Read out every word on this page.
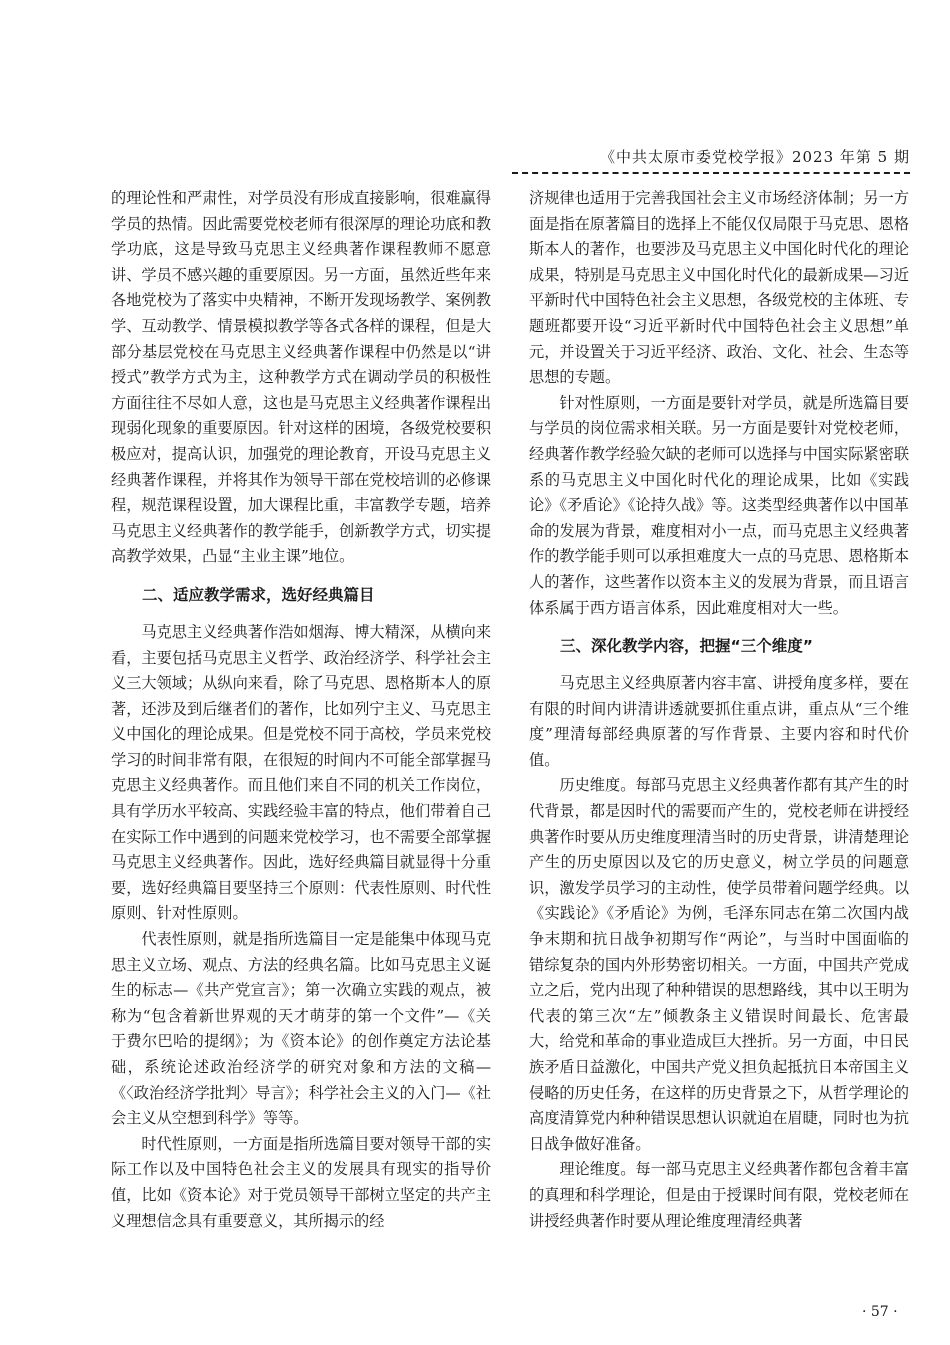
《中共太原市委党校学报》2023 年第 5 期

的理论性和严肃性，对学员没有形成直接影响，很难赢得学员的热情。因此需要党校老师有很深厚的理论功底和教学功底，这是导致马克思主义经典著作课程教师不愿意讲、学员不感兴趣的重要原因。另一方面，虽然近些年来各地党校为了落实中央精神，不断开发现场教学、案例教学、互动教学、情景模拟教学等各式各样的课程，但是大部分基层党校在马克思主义经典著作课程中仍然是以“讲授式”教学方式为主，这种教学方式在调动学员的积极性方面往往不尽如人意，这也是马克思主义经典著作课程出现弱化现象的重要原因。针对这样的困境，各级党校要积极应对，提高认识，加强党的理论教育，开设马克思主义经典著作课程，并将其作为领导干部在党校培训的必修课程，规范课程设置，加大课程比重，丰富教学专题，培养马克思主义经典著作的教学能手，创新教学方式，切实提高教学效果，凸显“主业主课”地位。

二、适应教学需求，选好经典篇目

马克思主义经典著作浩如烟海、博大精深，从横向来看，主要包括马克思主义哲学、政治经济学、科学社会主义三大领域；从纵向来看，除了马克思、恩格斯本人的原著，还涉及到后继者们的著作，比如列宁主义、马克思主义中国化的理论成果。但是党校不同于高校，学员来党校学习的时间非常有限，在很短的时间内不可能全部掌握马克思主义经典著作。而且他们来自不同的机关工作岗位，具有学历水平较高、实践经验丰富的特点，他们带着自己在实际工作中遇到的问题来党校学习，也不需要全部掌握马克思主义经典著作。因此，选好经典篇目就显得十分重要，选好经典篇目要坚持三个原则：代表性原则、时代性原则、针对性原则。

代表性原则，就是指所选篇目一定是能集中体现马克思主义立场、观点、方法的经典名篇。比如马克思主义诞生的标志—《共产党宣言》；第一次确立实践的观点，被称为“包含着新世界观的天才萌芽的第一个文件”—《关于费尔巴哈的提纲》；为《资本论》的创作奠定方法论基础，系统论述政治经济学的研究对象和方法的文稿—《〈政治经济学批判〉导言》；科学社会主义的入门—《社会主义从空想到科学》等等。

时代性原则，一方面是指所选篇目要对领导干部的实际工作以及中国特色社会主义的发展具有现实的指导价值，比如《资本论》对于党员领导干部树立坚定的共产主义理想信念具有重要意义，其所揭示的经

济规律也适用于完善我国社会主义市场经济体制；另一方面是指在原著篇目的选择上不能仅仅局限于马克思、恩格斯本人的著作，也要涉及马克思主义中国化时代化的理论成果，特别是马克思主义中国化时代化的最新成果—习近平新时代中国特色社会主义思想，各级党校的主体班、专题班都要开设“习近平新时代中国特色社会主义思想”单元，并设置关于习近平经济、政治、文化、社会、生态等思想的专题。

针对性原则，一方面是要针对学员，就是所选篇目要与学员的岗位需求相关联。另一方面是要针对党校老师，经典著作教学经验欠缺的老师可以选择与中国实际紧密联系的马克思主义中国化时代化的理论成果，比如《实践论》《矛盾论》《论持久战》等。这类型经典著作以中国革命的发展为背景，难度相对小一点，而马克思主义经典著作的教学能手则可以承担难度大一点的马克思、恩格斯本人的著作，这些著作以资本主义的发展为背景，而且语言体系属于西方语言体系，因此难度相对大一些。

三、深化教学内容，把握“三个维度”

马克思主义经典原著内容丰富、讲授角度多样，要在有限的时间内讲清讲透就要抓住重点讲，重点从“三个维度”理清每部经典原著的写作背景、主要内容和时代价值。

历史维度。每部马克思主义经典著作都有其产生的时代背景，都是因时代的需要而产生的，党校老师在讲授经典著作时要从历史维度理清当时的历史背景，讲清楚理论产生的历史原因以及它的历史意义，树立学员的问题意识，激发学员学习的主动性，使学员带着问题学经典。以《实践论》《矛盾论》为例，毛泽东同志在第二次国内战争末期和抗日战争初期写作“两论”，与当时中国面临的错综复杂的国内外形势密切相关。一方面，中国共产党成立之后，党内出现了种种错误的思想路线，其中以王明为代表的第三次“左”倾教条主义错误时间最长、危害最大，给党和革命的事业造成巨大挫折。另一方面，中日民族矛盾日益激化，中国共产党义担负起抵抗日本帝国主义侵略的历史任务，在这样的历史背景之下，从哲学理论的高度清算党内种种错误思想认识就迫在眉睫，同时也为抗日战争做好准备。

理论维度。每一部马克思主义经典著作都包含着丰富的真理和科学理论，但是由于授课时间有限，党校老师在讲授经典著作时要从理论维度理清经典著

· 57 ·
